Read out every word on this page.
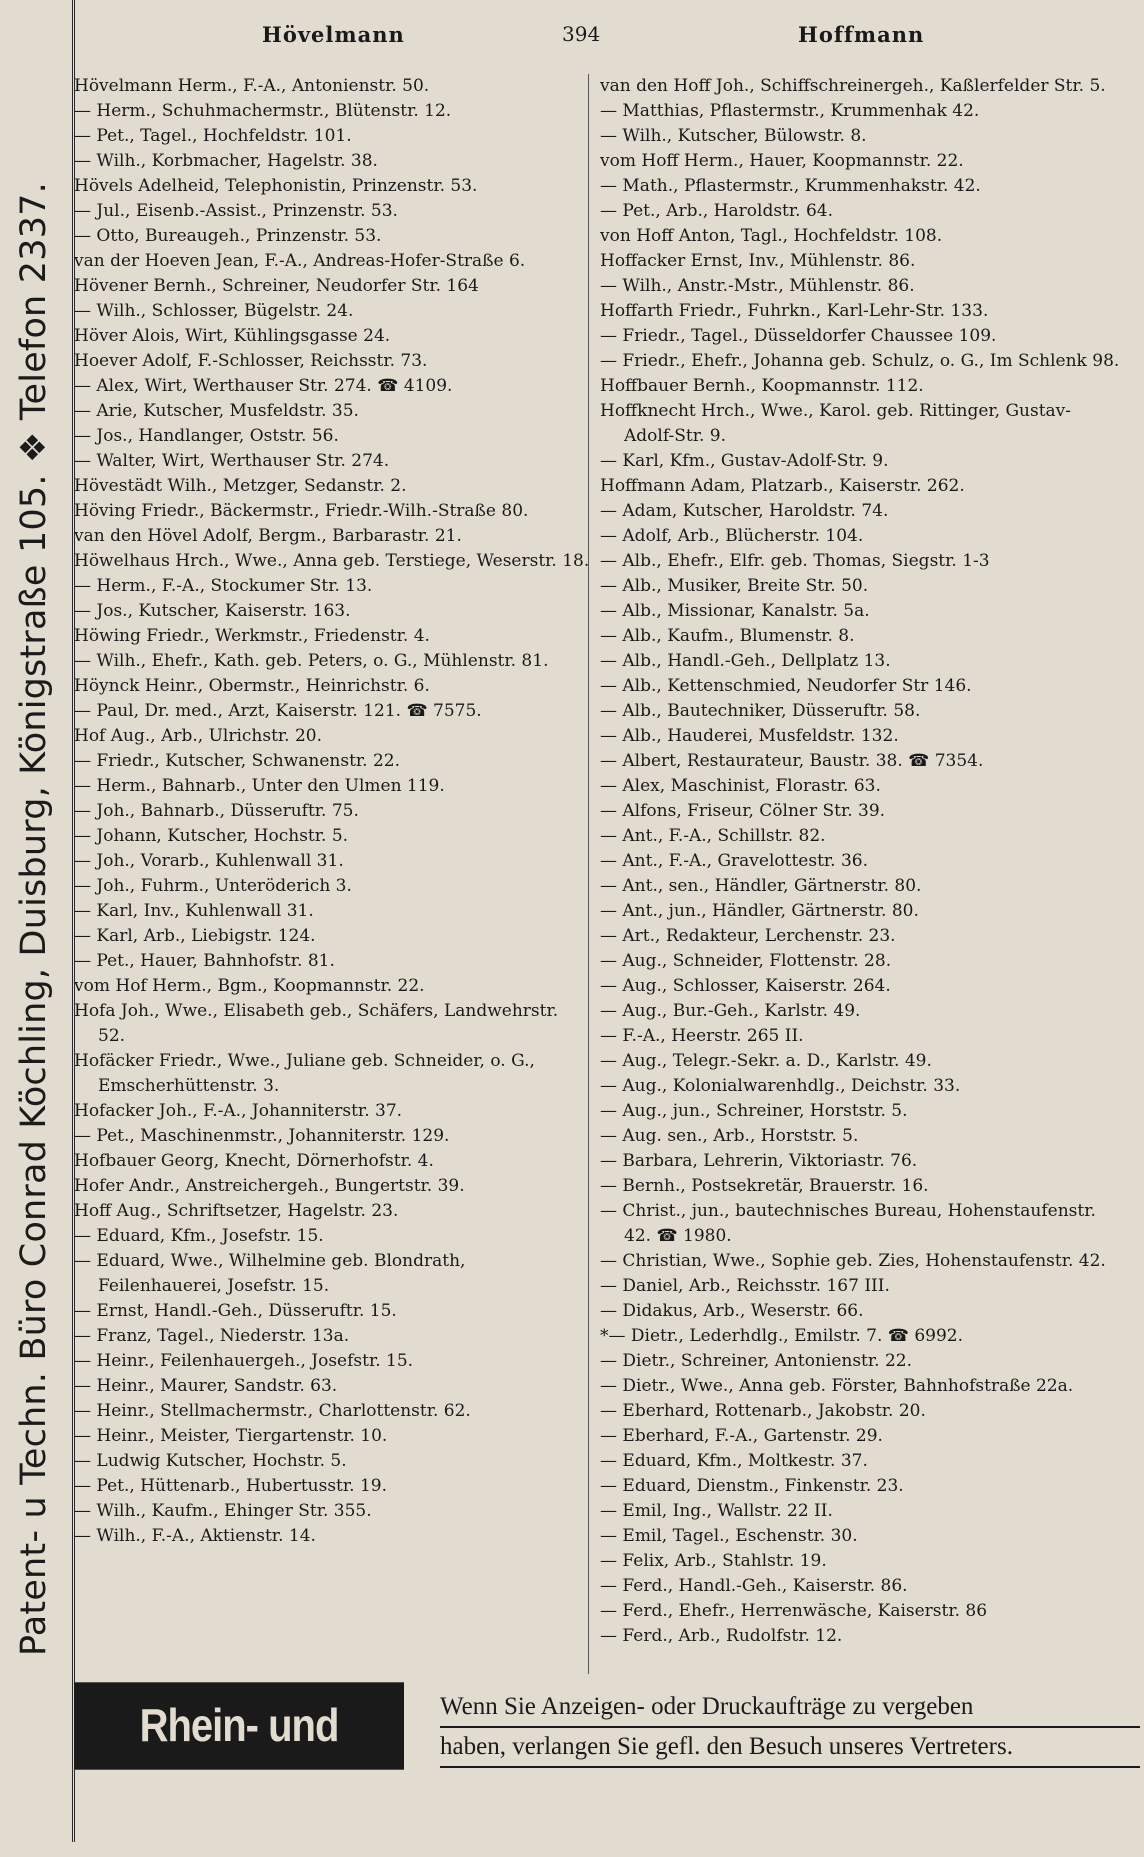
Patent- u Techn. Büro Conrad Köchling, Duisburg, Königstraße 105. ❖ Telefon 2337.
Hövelmann	394	Hoffmann

Hövelmann Herm., F.-A., Antonienstr. 50.

— Herm., Schuhmachermstr., Blütenstr. 12.

— Pet., Tagel., Hochfeldstr. 101.

— Wilh., Korbmacher, Hagelstr. 38.

Hövels Adelheid, Telephonistin, Prinzenstr. 53.

— Jul., Eisenb.-Assist., Prinzenstr. 53.

— Otto, Bureaugeh., Prinzenstr. 53.

van der Hoeven Jean, F.-A., Andreas-Hofer-Straße 6.

Hövener Bernh., Schreiner, Neudorfer Str. 164

— Wilh., Schlosser, Bügelstr. 24.

Höver Alois, Wirt, Kühlingsgasse 24.

Hoever Adolf, F.-Schlosser, Reichsstr. 73.

— Alex, Wirt, Werthauser Str. 274. ☎ 4109.

— Arie, Kutscher, Musfeldstr. 35.

— Jos., Handlanger, Oststr. 56.

— Walter, Wirt, Werthauser Str. 274.

Hövestädt Wilh., Metzger, Sedanstr. 2.

Höving Friedr., Bäckermstr., Friedr.-Wilh.-Straße 80.

van den Hövel Adolf, Bergm., Barbarastr. 21.

Höwelhaus Hrch., Wwe., Anna geb. Terstiege, Weserstr. 18.

— Herm., F.-A., Stockumer Str. 13.

— Jos., Kutscher, Kaiserstr. 163.

Höwing Friedr., Werkmstr., Friedenstr. 4.

— Wilh., Ehefr., Kath. geb. Peters, o. G., Mühlenstr. 81.

Höynck Heinr., Obermstr., Heinrichstr. 6.

— Paul, Dr. med., Arzt, Kaiserstr. 121. ☎ 7575.

Hof Aug., Arb., Ulrichstr. 20.

— Friedr., Kutscher, Schwanenstr. 22.

— Herm., Bahnarb., Unter den Ulmen 119.

— Joh., Bahnarb., Düsseruftr. 75.

— Johann, Kutscher, Hochstr. 5.

— Joh., Vorarb., Kuhlenwall 31.

— Joh., Fuhrm., Unteröderich 3.

— Karl, Inv., Kuhlenwall 31.

— Karl, Arb., Liebigstr. 124.

— Pet., Hauer, Bahnhofstr. 81.

vom Hof Herm., Bgm., Koopmannstr. 22.

Hofa Joh., Wwe., Elisabeth geb., Schäfers, Landwehrstr. 52.

Hofäcker Friedr., Wwe., Juliane geb. Schneider, o. G., Emscherhüttenstr. 3.

Hofacker Joh., F.-A., Johanniterstr. 37.

— Pet., Maschinenmstr., Johanniterstr. 129.

Hofbauer Georg, Knecht, Dörnerhofstr. 4.

Hofer Andr., Anstreichergeh., Bungertstr. 39.

Hoff Aug., Schriftsetzer, Hagelstr. 23.

— Eduard, Kfm., Josefstr. 15.

— Eduard, Wwe., Wilhelmine geb. Blondrath, Feilenhauerei, Josefstr. 15.

— Ernst, Handl.-Geh., Düsseruftr. 15.

— Franz, Tagel., Niederstr. 13a.

— Heinr., Feilenhauergeh., Josefstr. 15.

— Heinr., Maurer, Sandstr. 63.

— Heinr., Stellmachermstr., Charlottenstr. 62.

— Heinr., Meister, Tiergartenstr. 10.

— Ludwig Kutscher, Hochstr. 5.

— Pet., Hüttenarb., Hubertusstr. 19.

— Wilh., Kaufm., Ehinger Str. 355.

— Wilh., F.-A., Aktienstr. 14.

van den Hoff Joh., Schiffschreinergeh., Kaßlerfelder Str. 5.

— Matthias, Pflastermstr., Krummenhak 42.

— Wilh., Kutscher, Bülowstr. 8.

vom Hoff Herm., Hauer, Koopmannstr. 22.

— Math., Pflastermstr., Krummenhakstr. 42.

— Pet., Arb., Haroldstr. 64.

von Hoff Anton, Tagl., Hochfeldstr. 108.

Hoffacker Ernst, Inv., Mühlenstr. 86.

— Wilh., Anstr.-Mstr., Mühlenstr. 86.

Hoffarth Friedr., Fuhrkn., Karl-Lehr-Str. 133.

— Friedr., Tagel., Düsseldorfer Chaussee 109.

— Friedr., Ehefr., Johanna geb. Schulz, o. G., Im Schlenk 98.

Hoffbauer Bernh., Koopmannstr. 112.

Hoffknecht Hrch., Wwe., Karol. geb. Rittinger, Gustav-Adolf-Str. 9.

— Karl, Kfm., Gustav-Adolf-Str. 9.

Hoffmann Adam, Platzarb., Kaiserstr. 262.

— Adam, Kutscher, Haroldstr. 74.

— Adolf, Arb., Blücherstr. 104.

— Alb., Ehefr., Elfr. geb. Thomas, Siegstr. 1-3

— Alb., Musiker, Breite Str. 50.

— Alb., Missionar, Kanalstr. 5a.

— Alb., Kaufm., Blumenstr. 8.

— Alb., Handl.-Geh., Dellplatz 13.

— Alb., Kettenschmied, Neudorfer Str 146.

— Alb., Bautechniker, Düsseruftr. 58.

— Alb., Hauderei, Musfeldstr. 132.

— Albert, Restaurateur, Baustr. 38. ☎ 7354.

— Alex, Maschinist, Florastr. 63.

— Alfons, Friseur, Cölner Str. 39.

— Ant., F.-A., Schillstr. 82.

— Ant., F.-A., Gravelottestr. 36.

— Ant., sen., Händler, Gärtnerstr. 80.

— Ant., jun., Händler, Gärtnerstr. 80.

— Art., Redakteur, Lerchenstr. 23.

— Aug., Schneider, Flottenstr. 28.

— Aug., Schlosser, Kaiserstr. 264.

— Aug., Bur.-Geh., Karlstr. 49.

— F.-A., Heerstr. 265 II.

— Aug., Telegr.-Sekr. a. D., Karlstr. 49.

— Aug., Kolonialwarenhdlg., Deichstr. 33.

— Aug., jun., Schreiner, Horststr. 5.

— Aug. sen., Arb., Horststr. 5.

— Barbara, Lehrerin, Viktoriastr. 76.

— Bernh., Postsekretär, Brauerstr. 16.

— Christ., jun., bautechnisches Bureau, Hohenstaufenstr. 42. ☎ 1980.

— Christian, Wwe., Sophie geb. Zies, Hohenstaufenstr. 42.

— Daniel, Arb., Reichsstr. 167 III.

— Didakus, Arb., Weserstr. 66.

*— Dietr., Lederhdlg., Emilstr. 7. ☎ 6992.

— Dietr., Schreiner, Antonienstr. 22.

— Dietr., Wwe., Anna geb. Förster, Bahnhofstraße 22a.

— Eberhard, Rottenarb., Jakobstr. 20.

— Eberhard, F.-A., Gartenstr. 29.

— Eduard, Kfm., Moltkestr. 37.

— Eduard, Dienstm., Finkenstr. 23.

— Emil, Ing., Wallstr. 22 II.

— Emil, Tagel., Eschenstr. 30.

— Felix, Arb., Stahlstr. 19.

— Ferd., Handl.-Geh., Kaiserstr. 86.

— Ferd., Ehefr., Herrenwäsche, Kaiserstr. 86

— Ferd., Arb., Rudolfstr. 12.

Rhein- und Ruhrzeitung
Wenn Sie Anzeigen- oder Druckaufträge zu vergeben
haben, verlangen Sie gefl. den Besuch unseres Vertreters.
